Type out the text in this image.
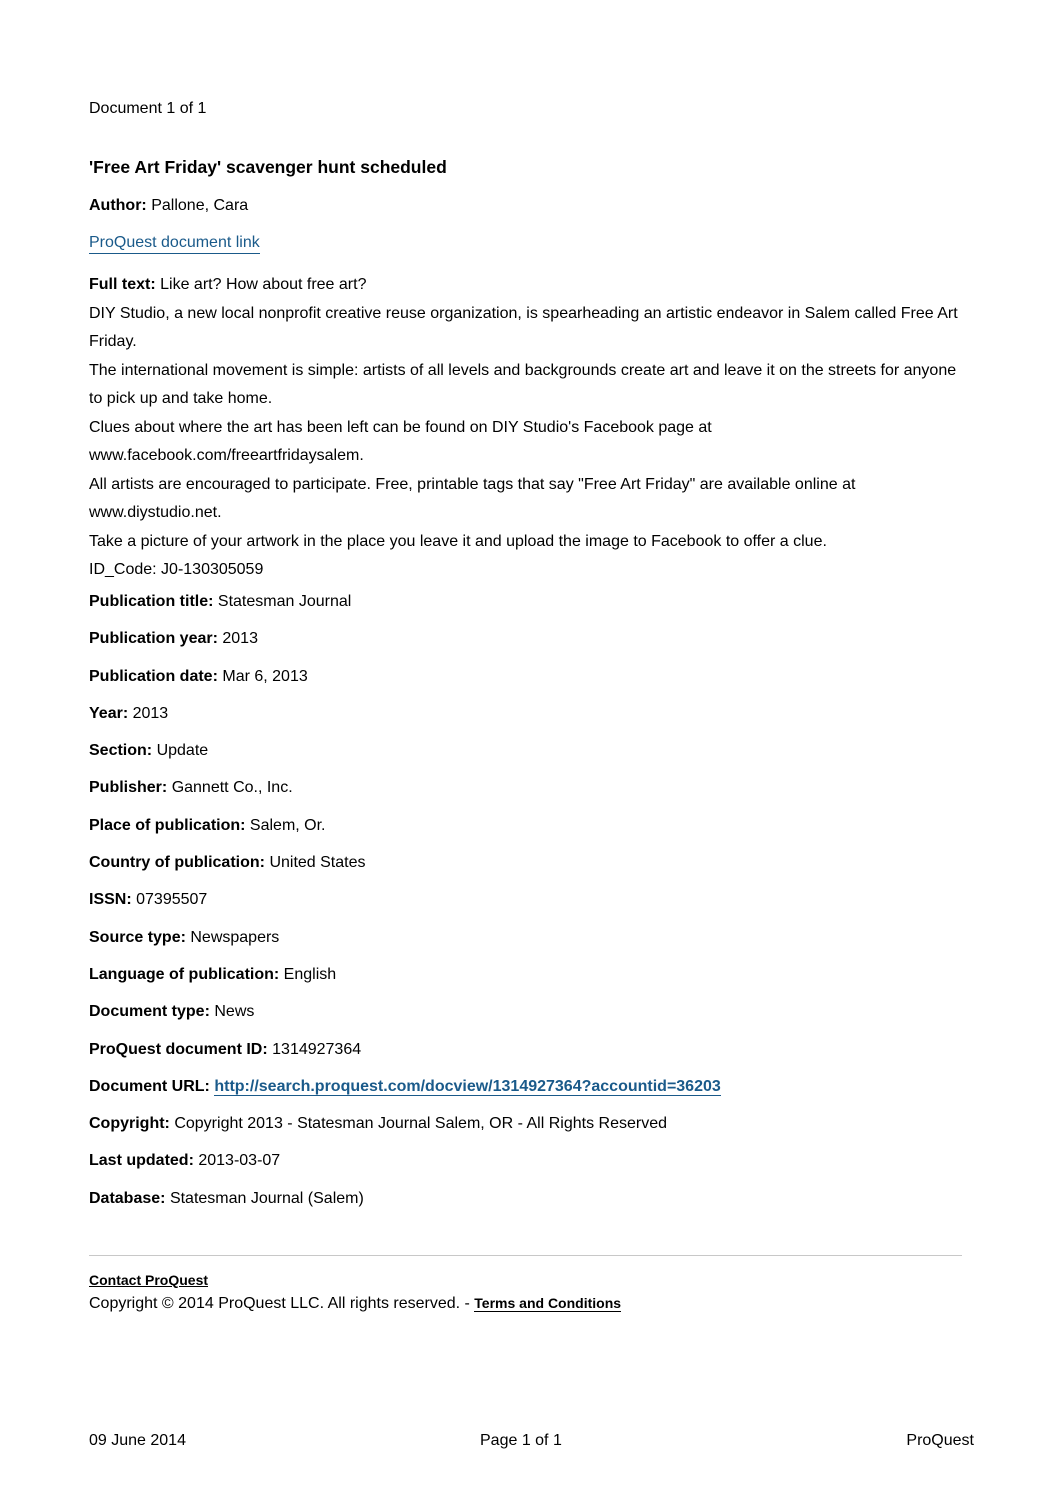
Document 1 of 1
'Free Art Friday' scavenger hunt scheduled
Author: Pallone, Cara
ProQuest document link

Full text: Like art? How about free art?

DIY Studio, a new local nonprofit creative reuse organization, is spearheading an artistic endeavor in Salem called Free Art Friday.

The international movement is simple: artists of all levels and backgrounds create art and leave it on the streets for anyone to pick up and take home.

Clues about where the art has been left can be found on DIY Studio's Facebook page at www.facebook.com/freeartfridaysalem.

All artists are encouraged to participate. Free, printable tags that say "Free Art Friday" are available online at www.diystudio.net.

Take a picture of your artwork in the place you leave it and upload the image to Facebook to offer a clue.

ID_Code: J0-130305059

Publication title: Statesman Journal
Publication year: 2013
Publication date: Mar 6, 2013
Year: 2013
Section: Update
Publisher: Gannett Co., Inc.
Place of publication: Salem, Or.
Country of publication: United States
ISSN: 07395507
Source type: Newspapers
Language of publication: English
Document type: News
ProQuest document ID: 1314927364
Document URL: http://search.proquest.com/docview/1314927364?accountid=36203
Copyright: Copyright 2013 - Statesman Journal Salem, OR - All Rights Reserved
Last updated: 2013-03-07
Database: Statesman Journal (Salem)
Contact ProQuest
Copyright © 2014 ProQuest LLC. All rights reserved. - Terms and Conditions
09 June 2014	Page 1 of 1	ProQuest
